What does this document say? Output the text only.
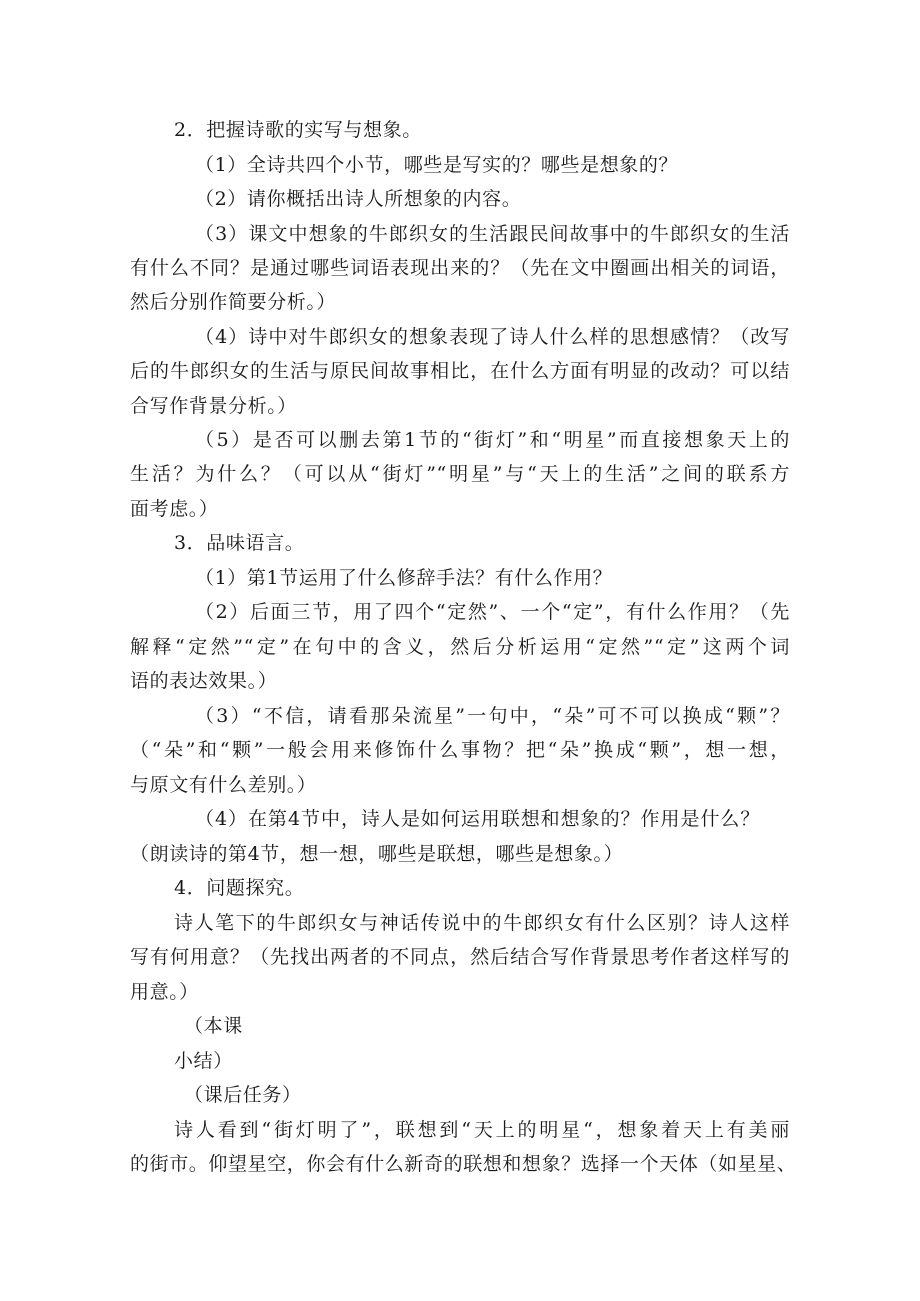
2．把握诗歌的实写与想象。
（1）全诗共四个小节，哪些是写实的？哪些是想象的？
（2）请你概括出诗人所想象的内容。
（3）课文中想象的牛郎织女的生活跟民间故事中的牛郎织女的生活
有什么不同？是通过哪些词语表现出来的？（先在文中圈画出相关的词语，
然后分别作简要分析。）
（4）诗中对牛郎织女的想象表现了诗人什么样的思想感情？（改写
后的牛郎织女的生活与原民间故事相比，在什么方面有明显的改动？可以结
合写作背景分析。）
（5）是否可以删去第1节的“街灯”和“明星”而直接想象天上的
生活？为什么？（可以从“街灯”“明星”与“天上的生活”之间的联系方
面考虑。）
3．品味语言。
（1）第1节运用了什么修辞手法？有什么作用？
（2）后面三节，用了四个“定然”、一个“定”，有什么作用？（先
解释“定然”“定”在句中的含义，然后分析运用“定然”“定”这两个词
语的表达效果。）
（3）“不信，请看那朵流星”一句中，“朵”可不可以换成“颗”？
（“朵”和“颗”一般会用来修饰什么事物？把“朵”换成“颗”，想一想，
与原文有什么差别。）
（4）在第4节中，诗人是如何运用联想和想象的？作用是什么？
（朗读诗的第4节，想一想，哪些是联想，哪些是想象。）
4．问题探究。
诗人笔下的牛郎织女与神话传说中的牛郎织女有什么区别？诗人这样
写有何用意？（先找出两者的不同点，然后结合写作背景思考作者这样写的
用意。）
（本课
小结）
（课后任务）
诗人看到“街灯明了”，联想到“天上的明星“，想象着天上有美丽
的街市。仰望星空，你会有什么新奇的联想和想象？选择一个天体（如星星、
